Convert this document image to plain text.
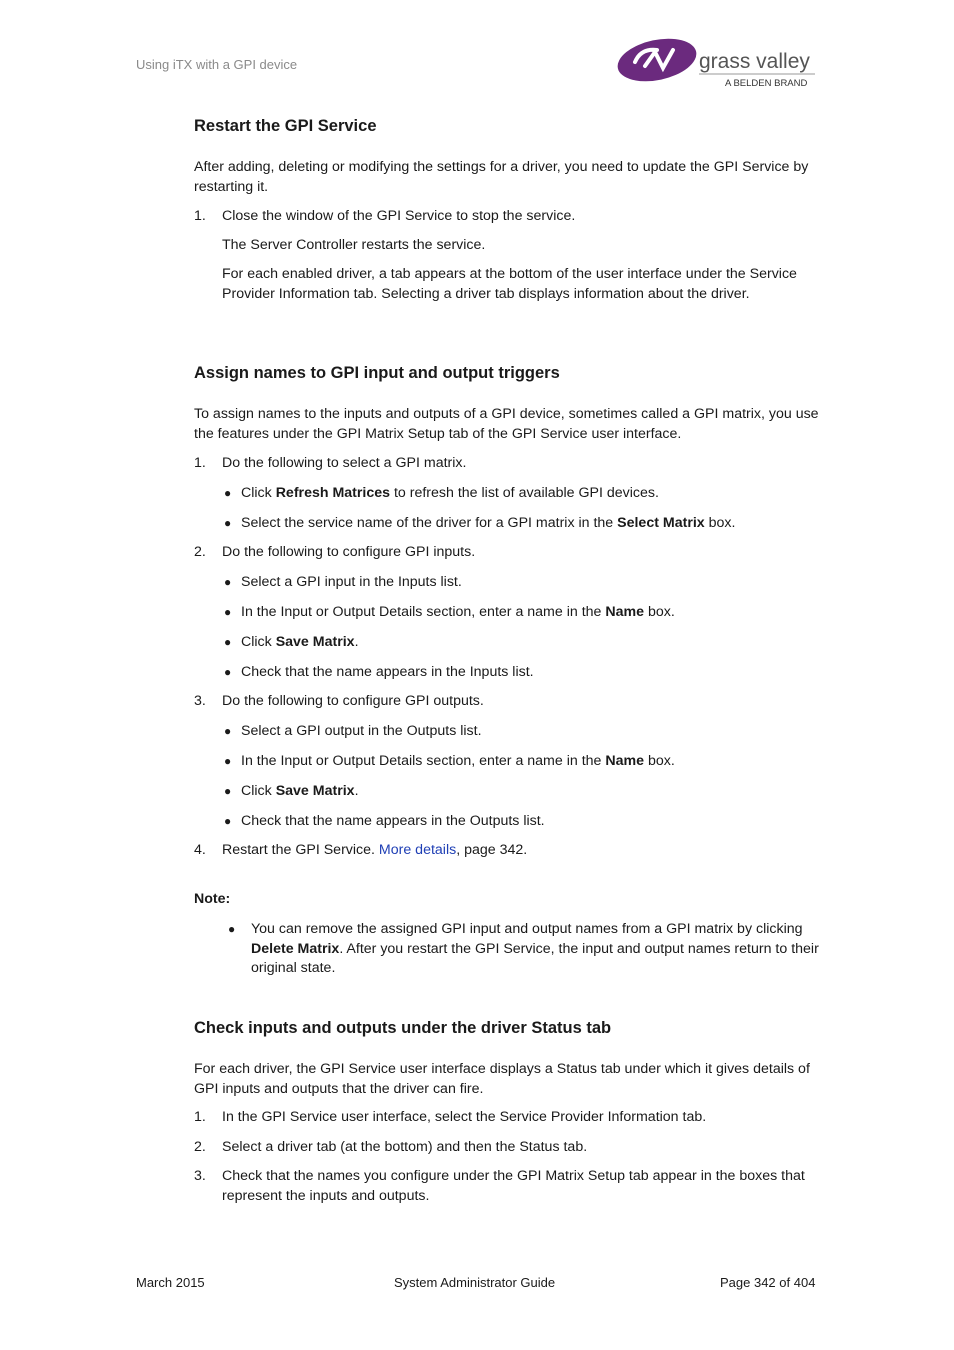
Using iTX with a GPI device	grass valley
A BELDEN BRAND
Restart the GPI Service
After adding, deleting or modifying the settings for a driver, you need to update the GPI Service by restarting it.
1.	Close the window of the GPI Service to stop the service.
The Server Controller restarts the service.
For each enabled driver, a tab appears at the bottom of the user interface under the Service Provider Information tab. Selecting a driver tab displays information about the driver.
Assign names to GPI input and output triggers
To assign names to the inputs and outputs of a GPI device, sometimes called a GPI matrix, you use the features under the GPI Matrix Setup tab of the GPI Service user interface.
1.	Do the following to select a GPI matrix.
● Click Refresh Matrices to refresh the list of available GPI devices.
● Select the service name of the driver for a GPI matrix in the Select Matrix box.
2.	Do the following to configure GPI inputs.
● Select a GPI input in the Inputs list.
● In the Input or Output Details section, enter a name in the Name box.
● Click Save Matrix.
● Check that the name appears in the Inputs list.
3.	Do the following to configure GPI outputs.
● Select a GPI output in the Outputs list.
● In the Input or Output Details section, enter a name in the Name box.
● Click Save Matrix.
● Check that the name appears in the Outputs list.
4.	Restart the GPI Service. More details, page 342.
Note:
● You can remove the assigned GPI input and output names from a GPI matrix by clicking Delete Matrix. After you restart the GPI Service, the input and output names return to their original state.
Check inputs and outputs under the driver Status tab
For each driver, the GPI Service user interface displays a Status tab under which it gives details of GPI inputs and outputs that the driver can fire.
1.	In the GPI Service user interface, select the Service Provider Information tab.
2.	Select a driver tab (at the bottom) and then the Status tab.
3.	Check that the names you configure under the GPI Matrix Setup tab appear in the boxes that represent the inputs and outputs.
March 2015	System Administrator Guide	Page 342 of 404
